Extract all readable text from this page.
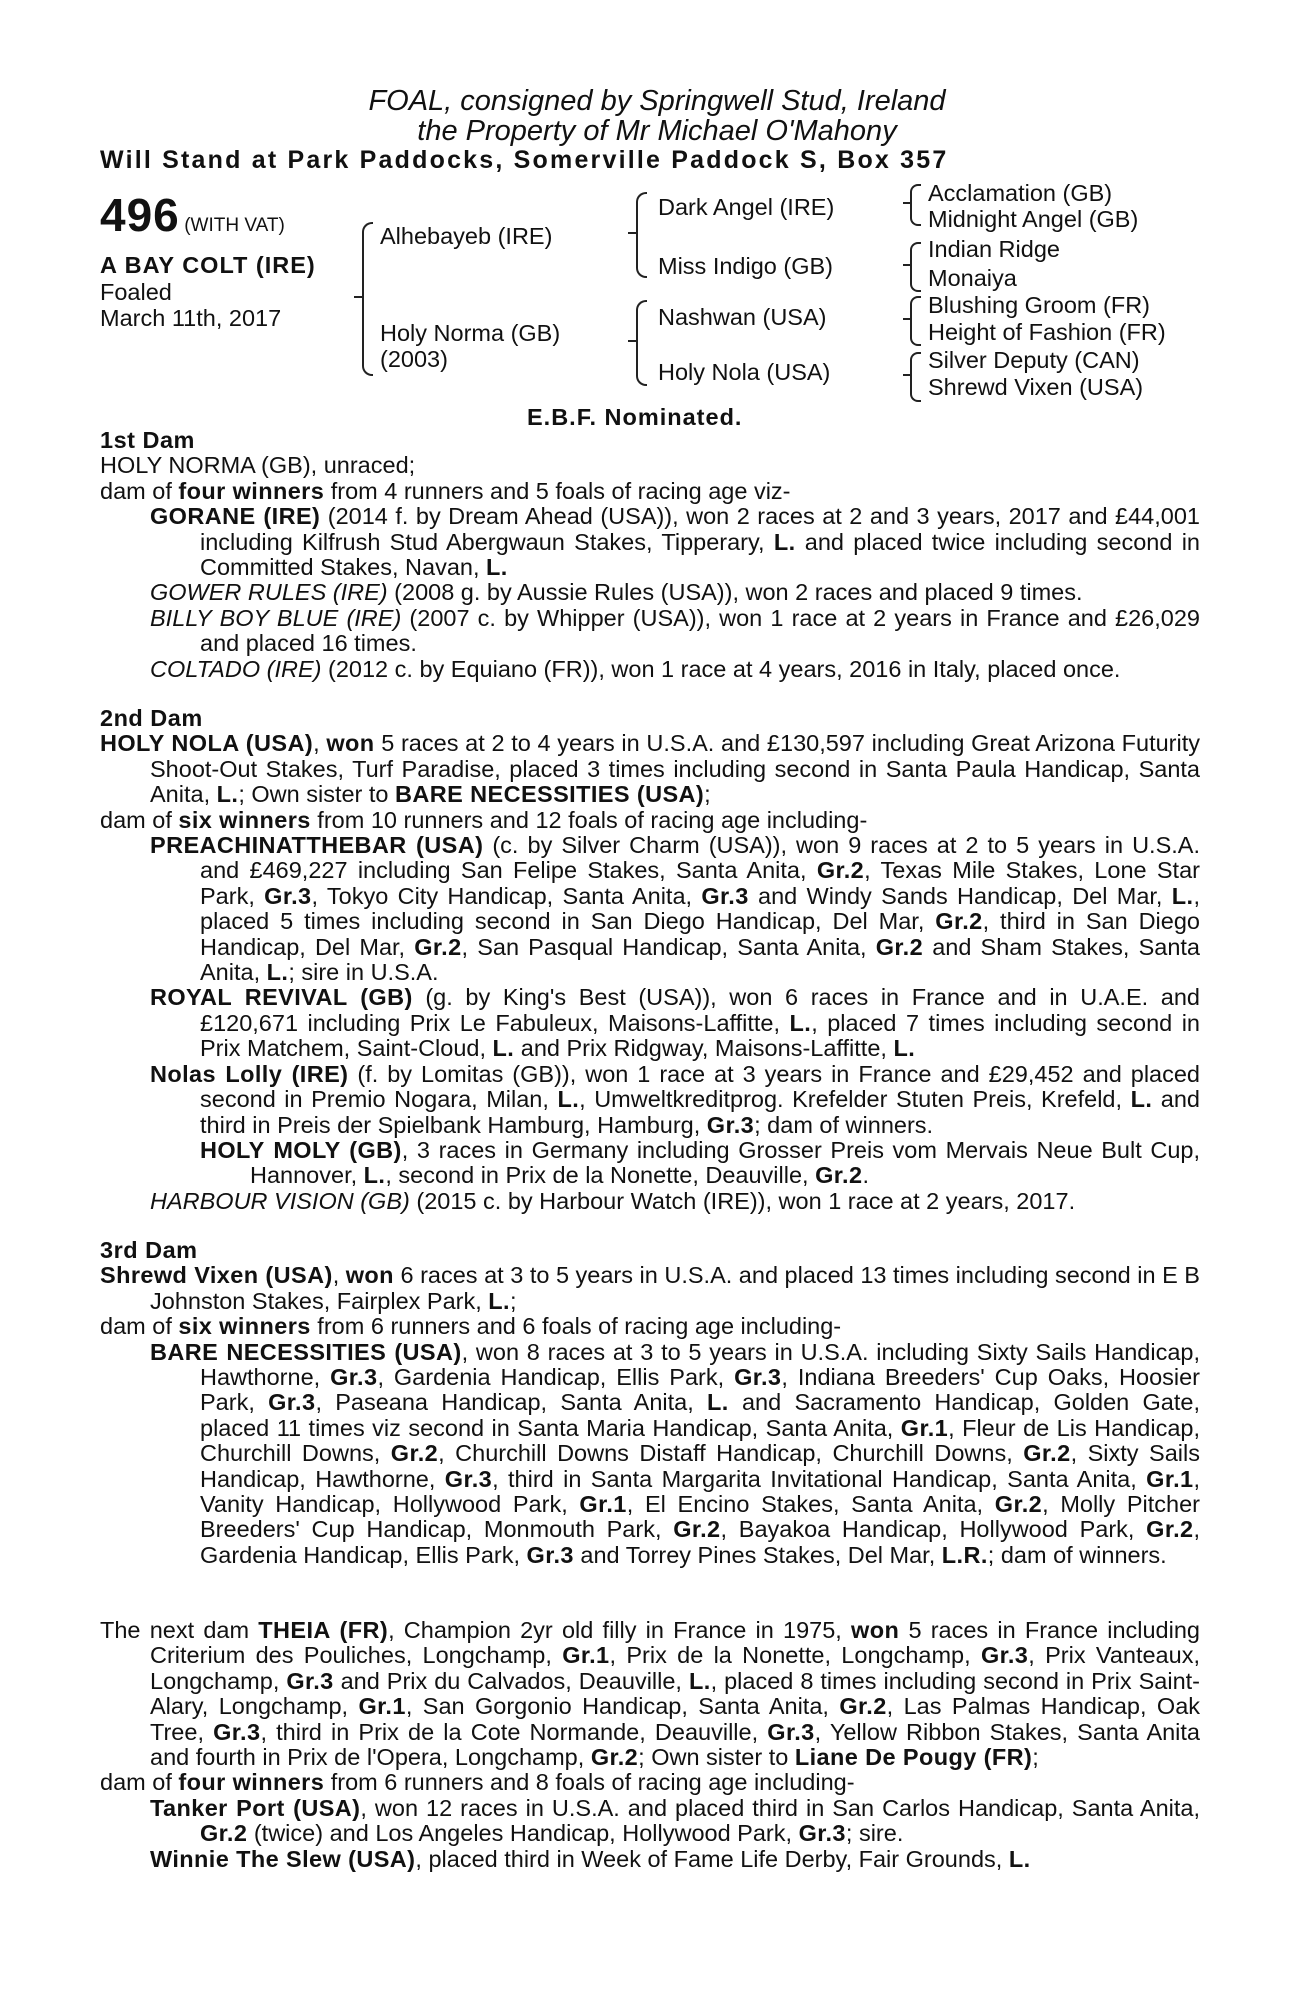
FOAL, consigned by Springwell Stud, Ireland
the Property of Mr Michael O'Mahony
Will Stand at Park Paddocks, Somerville Paddock S, Box 357
496 (WITH VAT)
A BAY COLT (IRE)
Foaled
March 11th, 2017
Alhebayeb (IRE)
Holy Norma (GB)
(2003)
Dark Angel (IRE)
Miss Indigo (GB)
Nashwan (USA)
Holy Nola (USA)
Acclamation (GB)
Midnight Angel (GB)
Indian Ridge
Monaiya
Blushing Groom (FR)
Height of Fashion (FR)
Silver Deputy (CAN)
Shrewd Vixen (USA)
E.B.F. Nominated.
1st Dam

HOLY NORMA (GB), unraced;

dam of four winners from 4 runners and 5 foals of racing age viz-

GORANE (IRE) (2014 f. by Dream Ahead (USA)), won 2 races at 2 and 3 years, 2017 and £44,001 including Kilfrush Stud Abergwaun Stakes, Tipperary, L. and placed twice including second in Committed Stakes, Navan, L.

GOWER RULES (IRE) (2008 g. by Aussie Rules (USA)), won 2 races and placed 9 times.

BILLY BOY BLUE (IRE) (2007 c. by Whipper (USA)), won 1 race at 2 years in France and £26,029 and placed 16 times.

COLTADO (IRE) (2012 c. by Equiano (FR)), won 1 race at 4 years, 2016 in Italy, placed once.

2nd Dam

HOLY NOLA (USA), won 5 races at 2 to 4 years in U.S.A. and £130,597 including Great Arizona Futurity Shoot-Out Stakes, Turf Paradise, placed 3 times including second in Santa Paula Handicap, Santa Anita, L.; Own sister to BARE NECESSITIES (USA);

dam of six winners from 10 runners and 12 foals of racing age including-

PREACHINATTHEBAR (USA) (c. by Silver Charm (USA)), won 9 races at 2 to 5 years in U.S.A. and £469,227 including San Felipe Stakes, Santa Anita, Gr.2, Texas Mile Stakes, Lone Star Park, Gr.3, Tokyo City Handicap, Santa Anita, Gr.3 and Windy Sands Handicap, Del Mar, L., placed 5 times including second in San Diego Handicap, Del Mar, Gr.2, third in San Diego Handicap, Del Mar, Gr.2, San Pasqual Handicap, Santa Anita, Gr.2 and Sham Stakes, Santa Anita, L.; sire in U.S.A.

ROYAL REVIVAL (GB) (g. by King's Best (USA)), won 6 races in France and in U.A.E. and £120,671 including Prix Le Fabuleux, Maisons-Laffitte, L., placed 7 times including second in Prix Matchem, Saint-Cloud, L. and Prix Ridgway, Maisons-Laffitte, L.

Nolas Lolly (IRE) (f. by Lomitas (GB)), won 1 race at 3 years in France and £29,452 and placed second in Premio Nogara, Milan, L., Umweltkreditprog. Krefelder Stuten Preis, Krefeld, L. and third in Preis der Spielbank Hamburg, Hamburg, Gr.3; dam of winners.

HOLY MOLY (GB), 3 races in Germany including Grosser Preis vom Mervais Neue Bult Cup, Hannover, L., second in Prix de la Nonette, Deauville, Gr.2.

HARBOUR VISION (GB) (2015 c. by Harbour Watch (IRE)), won 1 race at 2 years, 2017.

3rd Dam

Shrewd Vixen (USA), won 6 races at 3 to 5 years in U.S.A. and placed 13 times including second in E B Johnston Stakes, Fairplex Park, L.;

dam of six winners from 6 runners and 6 foals of racing age including-

BARE NECESSITIES (USA), won 8 races at 3 to 5 years in U.S.A. including Sixty Sails Handicap, Hawthorne, Gr.3, Gardenia Handicap, Ellis Park, Gr.3, Indiana Breeders' Cup Oaks, Hoosier Park, Gr.3, Paseana Handicap, Santa Anita, L. and Sacramento Handicap, Golden Gate, placed 11 times viz second in Santa Maria Handicap, Santa Anita, Gr.1, Fleur de Lis Handicap, Churchill Downs, Gr.2, Churchill Downs Distaff Handicap, Churchill Downs, Gr.2, Sixty Sails Handicap, Hawthorne, Gr.3, third in Santa Margarita Invitational Handicap, Santa Anita, Gr.1, Vanity Handicap, Hollywood Park, Gr.1, El Encino Stakes, Santa Anita, Gr.2, Molly Pitcher Breeders' Cup Handicap, Monmouth Park, Gr.2, Bayakoa Handicap, Hollywood Park, Gr.2, Gardenia Handicap, Ellis Park, Gr.3 and Torrey Pines Stakes, Del Mar, L.R.; dam of winners.

The next dam THEIA (FR), Champion 2yr old filly in France in 1975, won 5 races in France including Criterium des Pouliches, Longchamp, Gr.1, Prix de la Nonette, Longchamp, Gr.3, Prix Vanteaux, Longchamp, Gr.3 and Prix du Calvados, Deauville, L., placed 8 times including second in Prix Saint-Alary, Longchamp, Gr.1, San Gorgonio Handicap, Santa Anita, Gr.2, Las Palmas Handicap, Oak Tree, Gr.3, third in Prix de la Cote Normande, Deauville, Gr.3, Yellow Ribbon Stakes, Santa Anita and fourth in Prix de l'Opera, Longchamp, Gr.2; Own sister to Liane De Pougy (FR);

dam of four winners from 6 runners and 8 foals of racing age including-

Tanker Port (USA), won 12 races in U.S.A. and placed third in San Carlos Handicap, Santa Anita, Gr.2 (twice) and Los Angeles Handicap, Hollywood Park, Gr.3; sire.

Winnie The Slew (USA), placed third in Week of Fame Life Derby, Fair Grounds, L.
